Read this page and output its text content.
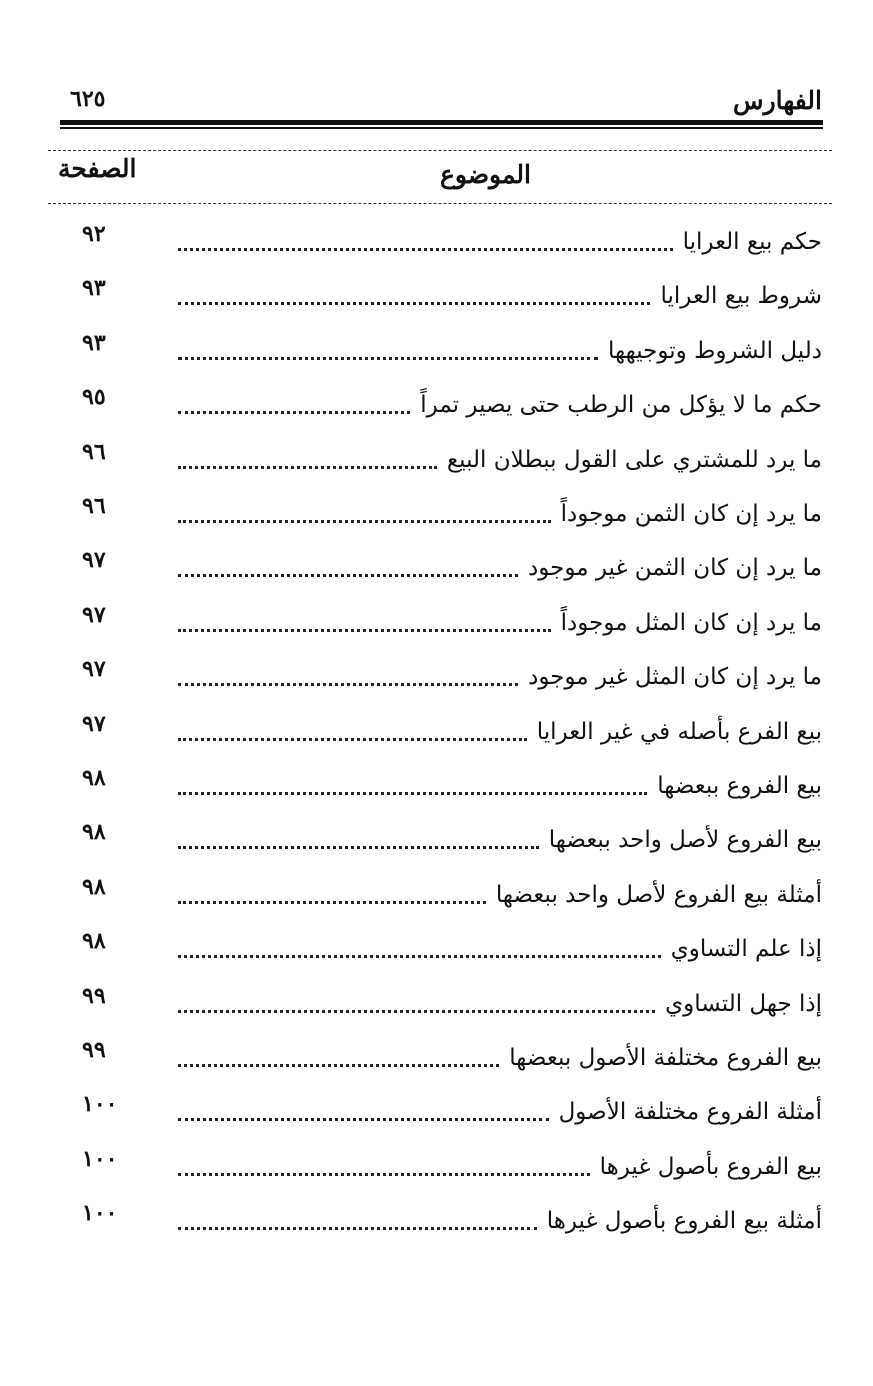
الفهارس
٦٢٥
الموضوع
الصفحة
حكم بيع العرايا
٩٢
شروط بيع العرايا
٩٣
دليل الشروط وتوجيهها
٩٣
حكم ما لا يؤكل من الرطب حتى يصير تمراً
٩٥
ما يرد للمشتري على القول ببطلان البيع
٩٦
ما يرد إن كان الثمن موجوداً
٩٦
ما يرد إن كان الثمن غير موجود
٩٧
ما يرد إن كان المثل موجوداً
٩٧
ما يرد إن كان المثل غير موجود
٩٧
بيع الفرع بأصله في غير العرايا
٩٧
بيع الفروع ببعضها
٩٨
بيع الفروع لأصل واحد ببعضها
٩٨
أمثلة بيع الفروع لأصل واحد ببعضها
٩٨
إذا علم التساوي
٩٨
إذا جهل التساوي
٩٩
بيع الفروع مختلفة الأصول ببعضها
٩٩
أمثلة الفروع مختلفة الأصول
١٠٠
بيع الفروع بأصول غيرها
١٠٠
أمثلة بيع الفروع بأصول غيرها
١٠٠
